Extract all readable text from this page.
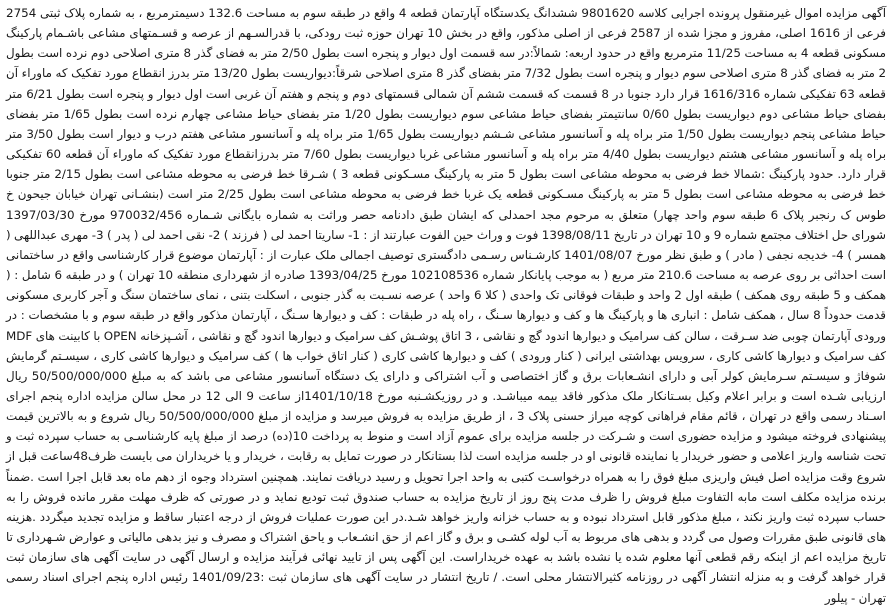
آگهی مزایده اموال غیرمنقول پرونده اجرایی کلاسه 9801620 ششدانگ یکدستگاه آپارتمان قطعه 4 واقع در طبقه سوم به مساحت 132.6 دسیمترمربع ، به شماره پلاک ثبتی 2754 فرعی از 1616 اصلی، مفروز و مجزا شده از 2587 فرعی از اصلی مذکور، واقع در بخش 10 تهران حوزه ثبت رودکی، با قدرالسـهم از عرصه و قسـمتهای مشاعی باشـمام پارکینگ مسکونی قطعه 4 به مساحت 11/25 مترمربع واقع در حدود اربعه: شمالاً:در سه قسمت اول دیوار و پنجره است بطول 2/50 متر به فضای گذر 8 متری اصلاحی دوم نرده است بطول 2 متر به فضای گذر 8 متری اصلاحی سوم دیوار و پنجره است بطول 7/32 متر بفضای گذر 8 متری اصلاحی شرقاً:دیواریست بطول 13/20 متر بدرز انقطاع مورد تفکیک که ماوراء آن قطعه 63 تفکیکی شماره 1616/316 قرار دارد جنوبا در 8 قسمت که قسمت ششم آن شمالی قسمتهای دوم و پنجم و هفتم آن غربی است اول دیوار و پنجره است بطول 6/21 متر بفضای حیاط مشاعی دوم دیواریست بطول 0/60 سانتیمتر بفضای حیاط مشاعی سوم دیواریست بطول 1/20 متر بفضای حیاط مشاعی چهارم نرده است بطول 1/65 متر بفضای حیاط مشاعی پنجم دیواریست بطول 1/50 متر براه پله و آسانسور مشاعی شـشم دیواریست بطول 1/65 متر براه پله و آسانسور مشاعی هفتم درب و دیوار است بطول 3/50 متر براه پله و آسانسور مشاعی هشتم دیواریست بطول 4/40 متر براه پله و آسانسور مشاعی غربا دیواریست بطول 7/60 متر بدرزانقطاع مورد تفکیک که ماوراء آن قطعه 60 تفکیکی قرار دارد. حدود پارکینگ :شمالا خط فرضی به محوطه مشاعی است بطول 5 متر به پارکینگ مسـکونی قطعه 3 ) شـرقا خط فرضی به محوطه مشاعی است بطول 2/15 متر جنوبا خط فرضی به محوطه مشاعی است بطول 5 متر به پارکینگ مسـکونی قطعه یک غربا خط فرضی به محوطه مشاعی است بطول 2/25 متر است (بنشـانی تهران خیابان جیحون خ طوس ک رنجبر پلاک 6 طبقه سوم واحد چهار) متعلق به مرحوم مجد احمدلی که ایشان طبق دادنامه حصر وراثت به شماره بایگانی شـماره 970032/456 مورخ 1397/03/30 شورای حل اختلاف مجتمع شماره 9 و 10 تهران در تاریخ 1398/08/11 فوت و وراث حین الفوت عبارتند از : 1- ساریتا احمد لی ( فرزند ) 2- نقی احمد لی ( پدر ) 3- مهری عبداللهی ( همسر ) 4- خدیجه نجفی ( مادر ) و طبق نظر مورخ 1401/08/07 کارشـناس رسـمی دادگستری توصیف اجمالی ملک عبارت از : آپارتمان موضوع قرار کارشناسی واقع در ساختمانی است احداثی بر روی عرصه به مساحت 210.6 متر مربع ( به موجب پایانکار شماره 102108536 مورخ 1393/04/25 صادره از شهرداری منطقه 10 تهران ) و در طبقه 6 شامل : ( همکف و 5 طبقه روی همکف ) طبقه اول 2 واحد و طبقات فوقانی تک واحدی ( کلا 6 واحد ) عرصه نسـبت به گذر جنوبی ، اسکلت بتنی ، نمای ساختمان سنگ و آجر کاربری مسکونی قدمت حدوداً 8 سال ، همکف شامل : انباری ها و پارکینگ ها و کف و دیوارها سـنگ ، راه پله در طبقات : کف و دیوارها سـنگ ، آپارتمان مذکور واقع در طبقه سوم و با مشخصات : در ورودی آپارتمان چوبی ضد سـرقت ، سالن کف سرامیک و دیوارها اندود گچ و نقاشی ، 3 اتاق پوشـش کف سرامیک و دیوارها اندود گچ و نقاشی ، آشـپزخانه OPEN با کابینت های MDF کف سرامیک و دیوارها کاشی کاری ، سرویس بهداشتی ایرانی ( کنار ورودی ) کف و دیوارها کاشی کاری ( کنار اتاق خواب ها ) کف سرامیک و دیوارها کاشی کاری ، سیسـتم گرمایش شوفاژ و سیسـتم سـرمایش کولر آبی و دارای انشـعابات برق و گاز اختصاصی و آب اشتراکی و دارای یک دستگاه آسانسور مشاعی می باشد که به مبلغ 50/500/000/000 ریال ارزیابی شـده است و برابر اعلام وکیل بسـتانکار ملک مذکور فاقد بیمه میباشـد. و در روزیکشـنبه مورخ 1401/10/18از ساعت 9 الی 12 در محل سالن مزایده اداره پنجم اجرای اسـناد رسمی واقع در تهران ، قائم مقام فراهانی کوچه میراز حسنی پلاک 3 ، از طریق مزایده به فروش میرسد و مزایده از مبلغ 50/500/000/000 ریال شروع و به بالاترین قیمت پیشنهادی فروخته میشود و مزایده حضوری است و شـرکت در جلسه مزایده برای عموم آزاد است و منوط به پرداخت 10(ده) درصد از مبلغ پایه کارشناسـی به حساب سپرده ثبت و تحت شناسه واریز اعلامی و حضور خریدار یا نماینده قانونی او در جلسه مزایده است لذا بستانکار در صورت تمایل به رقابت ، خریدار و یا خریداران می بایست ظرف48ساعت قبل از شروع وقت مزایده اصل فیش واریزی مبلغ فوق را به همراه درخواسـت کتبی به واحد اجرا تحویل و رسید دریافت نمایند. همچنین استرداد وجوه از دهم ماه بعد قابل اجرا است .ضمناً برنده مزایده مکلف است مابه التفاوت مبلغ فروش را ظرف مدت پنج روز از تاریخ مزایده به حساب صندوق ثبت تودیع نماید و در صورتی که ظرف مهلت مقرر مانده فروش را به حساب سپرده ثبت واریز نکند ، مبلغ مذکور قابل استرداد نبوده و به حساب خزانه واریز خواهد شـد.در این صورت عملیات فروش از درجه اعتبار ساقط و مزایده تجدید میگردد .هزینه های قانونی طبق مقررات وصول می گردد و بدهی های مربوط به آب لوله کشـی و برق و گاز اعم از حق انشـعاب و یاحق اشتراک و مصرف و نیز بدهی مالیاتی و عوارض شـهرداری تا تاریخ مزایده اعم از اینکه رقم قطعی آنها معلوم شده یا نشده باشد به عهده خریداراست. این آگهی پس از تایید نهائی فرآیند مزایده و ارسال آگهی در سایت آگهی های سازمان ثبت قرار خواهد گرفت و به منزله انتشار آگهی در روزنامه کثیرالانتشار محلی است. / تاریخ انتشار در سایت آگهی های سازمان ثبت :1401/09/23 رئیس اداره پنجم اجرای اسناد رسمی تهران - پیلور
